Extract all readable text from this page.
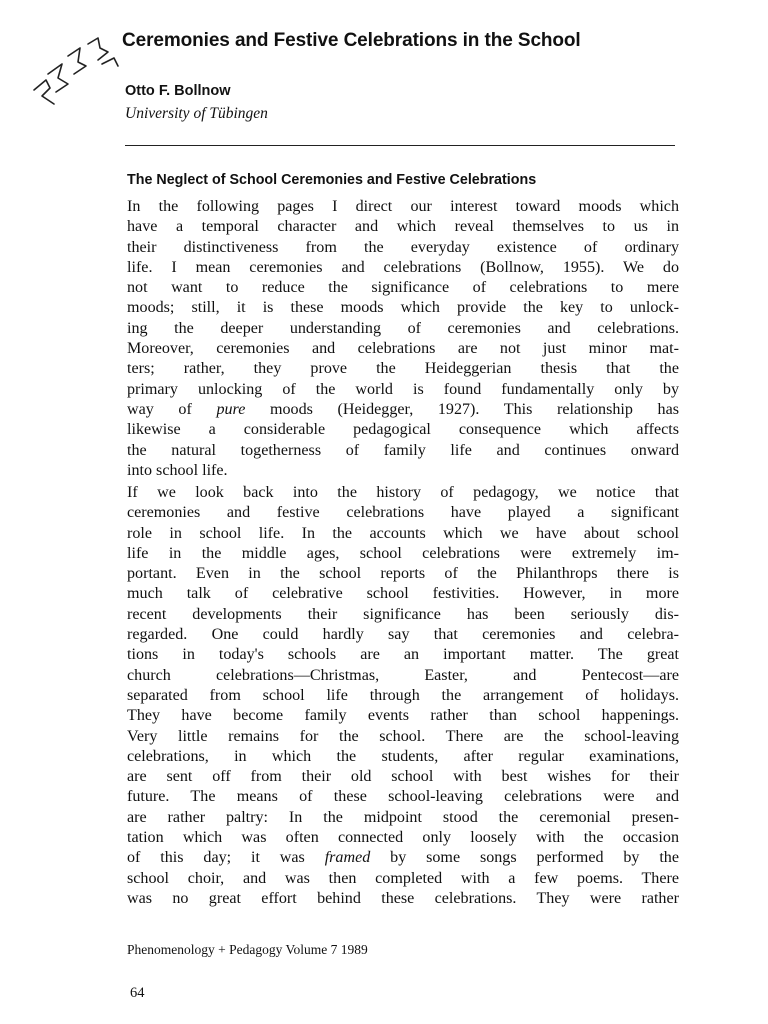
Ceremonies and Festive Celebrations in the School
Otto F. Bollnow
University of Tübingen
The Neglect of School Ceremonies and Festive Celebrations
In the following pages I direct our interest toward moods which
have a temporal character and which reveal themselves to us in
their distinctiveness from the everyday existence of ordinary
life. I mean ceremonies and celebrations (Bollnow, 1955). We do
not want to reduce the significance of celebrations to mere
moods; still, it is these moods which provide the key to unlock-
ing the deeper understanding of ceremonies and celebrations.
Moreover, ceremonies and celebrations are not just minor mat-
ters; rather, they prove the Heideggerian thesis that the
primary unlocking of the world is found fundamentally only by
way of pure moods (Heidegger, 1927). This relationship has
likewise a considerable pedagogical consequence which affects
the natural togetherness of family life and continues onward
into school life.
If we look back into the history of pedagogy, we notice that
ceremonies and festive celebrations have played a significant
role in school life. In the accounts which we have about school
life in the middle ages, school celebrations were extremely im-
portant. Even in the school reports of the Philanthrops there is
much talk of celebrative school festivities. However, in more
recent developments their significance has been seriously dis-
regarded. One could hardly say that ceremonies and celebra-
tions in today's schools are an important matter. The great
church celebrations—Christmas, Easter, and Pentecost—are
separated from school life through the arrangement of holidays.
They have become family events rather than school happenings.
Very little remains for the school. There are the school-leaving
celebrations, in which the students, after regular examinations,
are sent off from their old school with best wishes for their
future. The means of these school-leaving celebrations were and
are rather paltry: In the midpoint stood the ceremonial presen-
tation which was often connected only loosely with the occasion
of this day; it was framed by some songs performed by the
school choir, and was then completed with a few poems. There
was no great effort behind these celebrations. They were rather
Phenomenology + Pedagogy Volume 7 1989
64
